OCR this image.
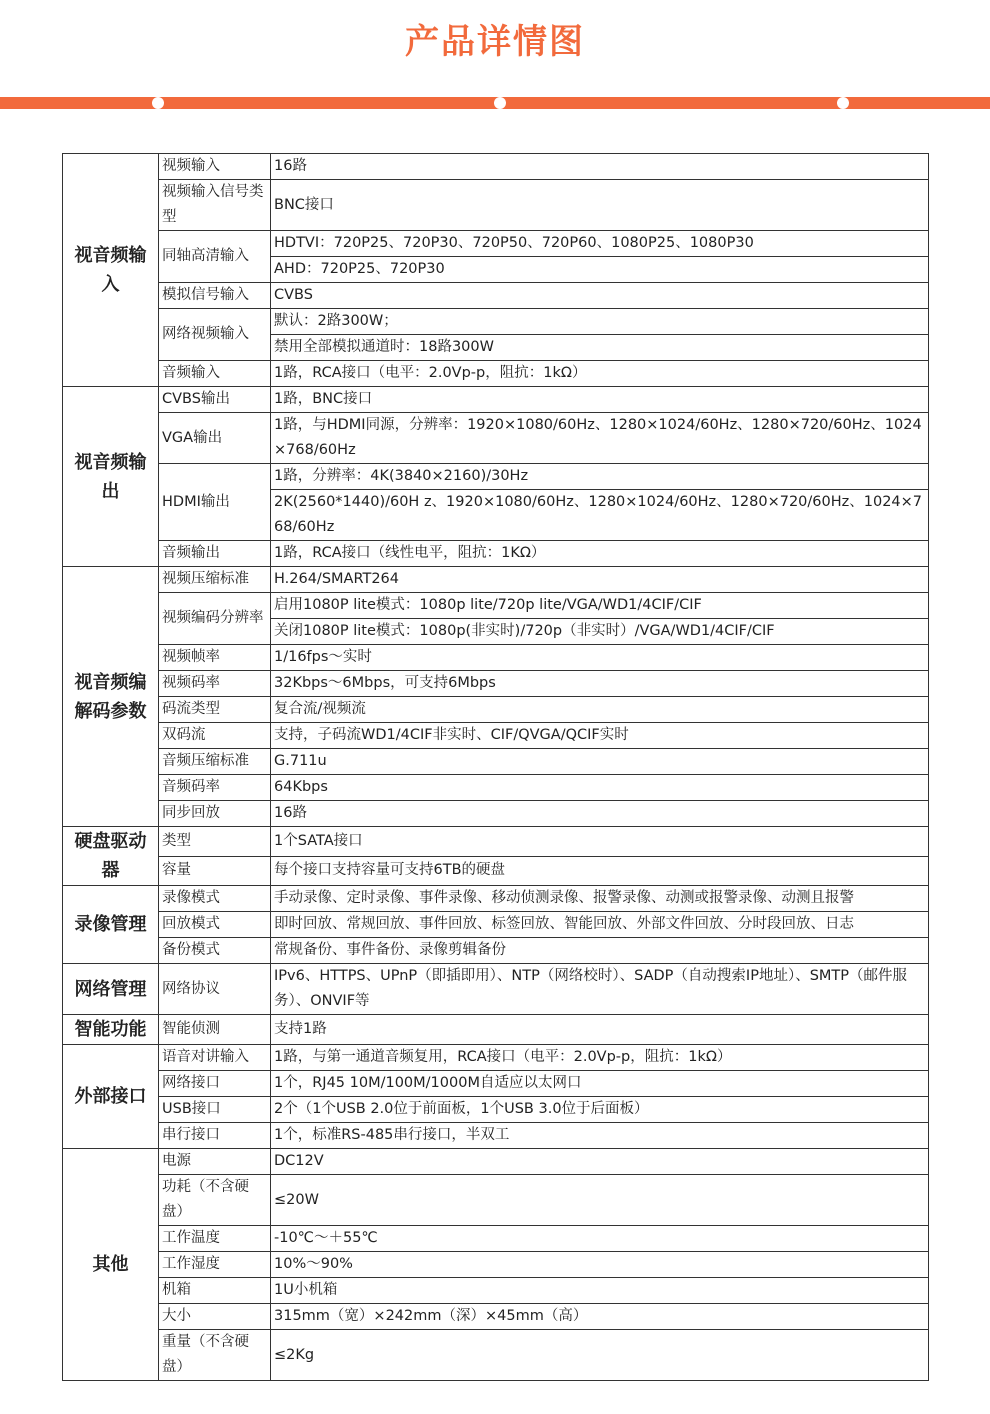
产品详情图
视音频输入	视频输入	16路
	视频输入信号类型	BNC接口
	同轴高清输入	HDTVI：720P25、720P30、720P50、720P60、1080P25、1080P30
		AHD：720P25、720P30
	模拟信号输入	CVBS
	网络视频输入	默认：2路300W；
		禁用全部模拟通道时：18路300W
	音频输入	1路，RCA接口（电平：2.0Vp-p，阻抗：1kΩ）
视音频输出	CVBS输出	1路，BNC接口
	VGA输出	1路，与HDMI同源，分辨率：1920×1080/60Hz、1280×1024/60Hz、1280×720/60Hz、1024×768/60Hz
	HDMI输出	1路，分辨率：4K(3840×2160)/30Hz
		2K(2560*1440)/60H z、1920×1080/60Hz、1280×1024/60Hz、1280×720/60Hz、1024×768/60Hz
	音频输出	1路，RCA接口（线性电平，阻抗：1KΩ）
视音频编解码参数	视频压缩标准	H.264/SMART264
	视频编码分辨率	启用1080P lite模式：1080p lite/720p lite/VGA/WD1/4CIF/CIF
		关闭1080P lite模式：1080p(非实时)/720p（非实时）/VGA/WD1/4CIF/CIF
	视频帧率	1/16fps～实时
	视频码率	32Kbps～6Mbps，可支持6Mbps
	码流类型	复合流/视频流
	双码流	支持，子码流WD1/4CIF非实时、CIF/QVGA/QCIF实时
	音频压缩标准	G.711u
	音频码率	64Kbps
	同步回放	16路
硬盘驱动器	类型	1个SATA接口
	容量	每个接口支持容量可支持6TB的硬盘
录像管理	录像模式	手动录像、定时录像、事件录像、移动侦测录像、报警录像、动测或报警录像、动测且报警
	回放模式	即时回放、常规回放、事件回放、标签回放、智能回放、外部文件回放、分时段回放、日志
	备份模式	常规备份、事件备份、录像剪辑备份
网络管理	网络协议	IPv6、HTTPS、UPnP（即插即用）、NTP（网络校时）、SADP（自动搜索IP地址）、SMTP（邮件服务）、ONVIF等
智能功能	智能侦测	支持1路
外部接口	语音对讲输入	1路，与第一通道音频复用，RCA接口（电平：2.0Vp-p，阻抗：1kΩ）
	网络接口	1个，RJ45 10M/100M/1000M自适应以太网口
	USB接口	2个（1个USB 2.0位于前面板，1个USB 3.0位于后面板）
	串行接口	1个，标准RS-485串行接口，半双工
其他	电源	DC12V
	功耗（不含硬盘）	≤20W
	工作温度	-10℃～＋55℃
	工作湿度	10%～90%
	机箱	1U小机箱
	大小	315mm（宽）×242mm（深）×45mm（高）
	重量（不含硬盘）	≤2Kg
